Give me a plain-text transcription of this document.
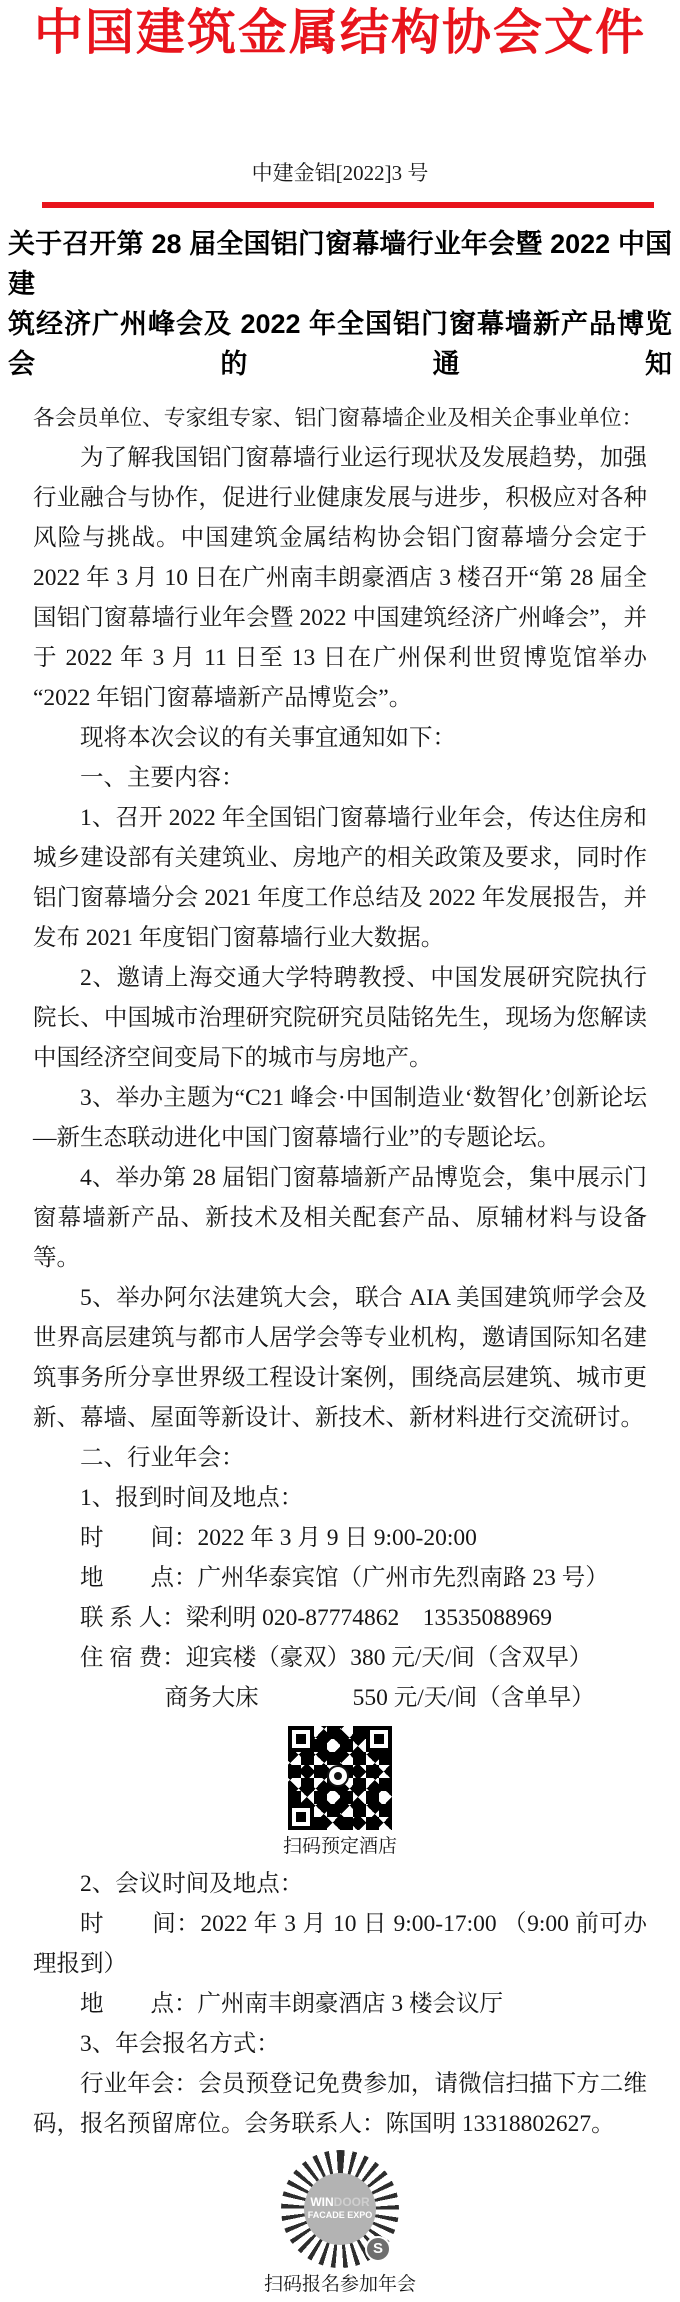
中国建筑金属结构协会文件
中建金铝[2022]3 号
关于召开第 28 届全国铝门窗幕墙行业年会暨 2022 中国建
筑经济广州峰会及 2022 年全国铝门窗幕墙新产品博览会的通知

各会员单位、专家组专家、铝门窗幕墙企业及相关企事业单位：

为了解我国铝门窗幕墙行业运行现状及发展趋势，加强行业融合与协作，促进行业健康发展与进步，积极应对各种风险与挑战。中国建筑金属结构协会铝门窗幕墙分会定于 2022 年 3 月 10 日在广州南丰朗豪酒店 3 楼召开“第 28 届全国铝门窗幕墙行业年会暨 2022 中国建筑经济广州峰会”，并于 2022 年 3 月 11 日至 13 日在广州保利世贸博览馆举办“2022 年铝门窗幕墙新产品博览会”。

现将本次会议的有关事宜通知如下：

一、主要内容：

1、召开 2022 年全国铝门窗幕墙行业年会，传达住房和城乡建设部有关建筑业、房地产的相关政策及要求，同时作铝门窗幕墙分会 2021 年度工作总结及 2022 年发展报告，并发布 2021 年度铝门窗幕墙行业大数据。

2、邀请上海交通大学特聘教授、中国发展研究院执行院长、中国城市治理研究院研究员陆铭先生，现场为您解读中国经济空间变局下的城市与房地产。

3、举办主题为“C21 峰会·中国制造业‘数智化’创新论坛—新生态联动进化中国门窗幕墙行业”的专题论坛。

4、举办第 28 届铝门窗幕墙新产品博览会，集中展示门窗幕墙新产品、新技术及相关配套产品、原辅材料与设备等。

5、举办阿尔法建筑大会，联合 AIA 美国建筑师学会及世界高层建筑与都市人居学会等专业机构，邀请国际知名建筑事务所分享世界级工程设计案例，围绕高层建筑、城市更新、幕墙、屋面等新设计、新技术、新材料进行交流研讨。

二、行业年会：

1、报到时间及地点：

时　　间：2022 年 3 月 9 日 9:00-20:00

地　　点：广州华泰宾馆（广州市先烈南路 23 号）

联 系 人：梁利明 020-87774862　13535088969

住 宿 费：迎宾楼（豪双）380 元/天/间（含双早）

商务大床　　　　550 元/天/间（含单早）

扫码预定酒店

2、会议时间及地点：

时　　间：2022 年 3 月 10 日 9:00-17:00 （9:00 前可办理报到）

地　　点：广州南丰朗豪酒店 3 楼会议厅

3、年会报名方式：

行业年会：会员预登记免费参加，请微信扫描下方二维码，报名预留席位。会务联系人：陈国明 13318802627。

WINDOOR
FACADE EXPO
S

扫码报名参加年会
